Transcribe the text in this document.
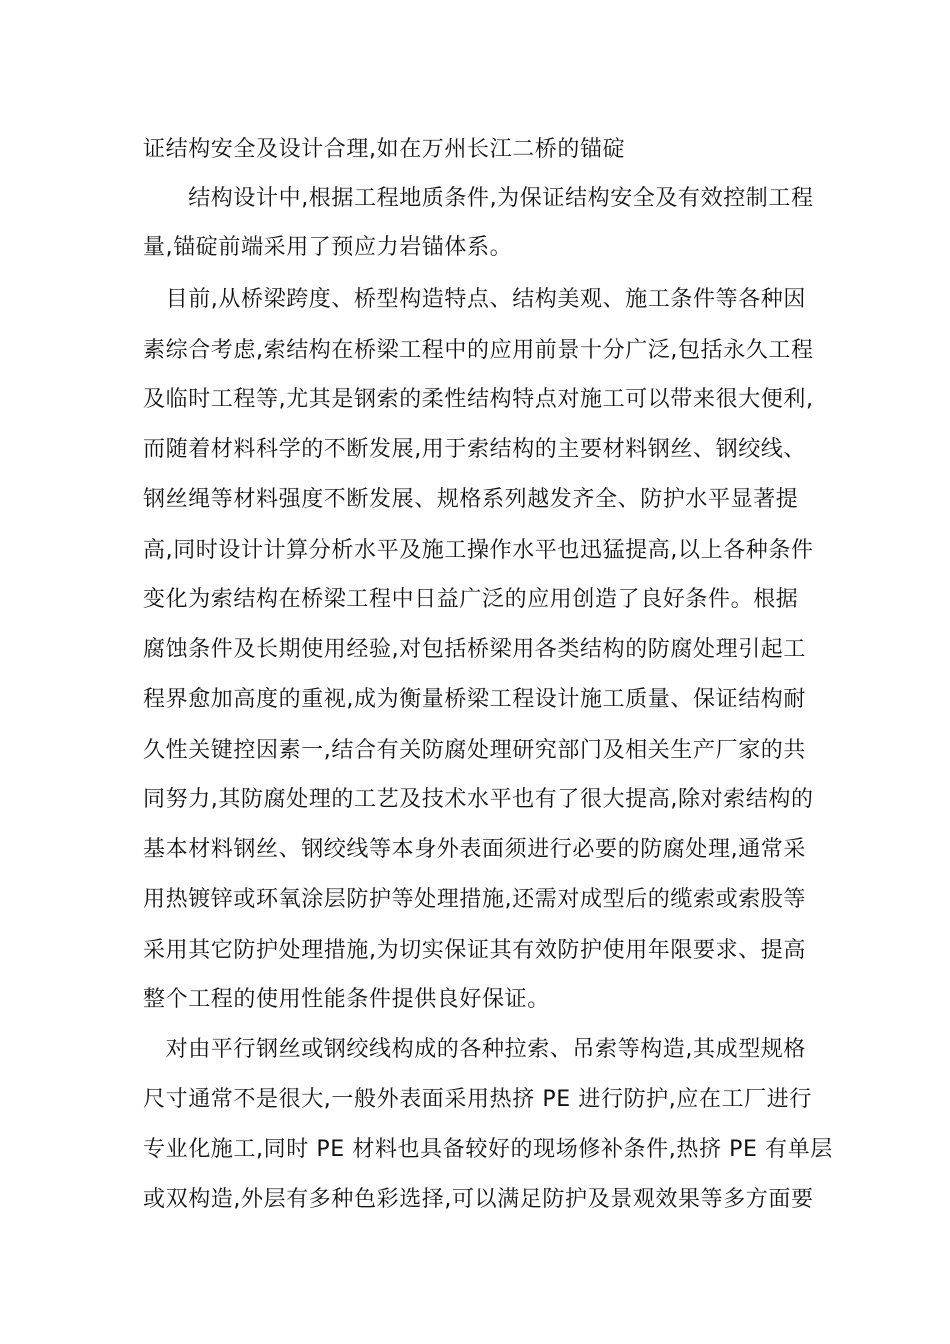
证结构安全及设计合理,如在万州长江二桥的锚碇
　　结构设计中,根据工程地质条件,为保证结构安全及有效控制工程
量,锚碇前端采用了预应力岩锚体系。
　目前,从桥梁跨度、桥型构造特点、结构美观、施工条件等各种因
素综合考虑,索结构在桥梁工程中的应用前景十分广泛,包括永久工程
及临时工程等,尤其是钢索的柔性结构特点对施工可以带来很大便利,
而随着材料科学的不断发展,用于索结构的主要材料钢丝、钢绞线、
钢丝绳等材料强度不断发展、规格系列越发齐全、防护水平显著提
高,同时设计计算分析水平及施工操作水平也迅猛提高,以上各种条件
变化为索结构在桥梁工程中日益广泛的应用创造了良好条件。根据
腐蚀条件及长期使用经验,对包括桥梁用各类结构的防腐处理引起工
程界愈加高度的重视,成为衡量桥梁工程设计施工质量、保证结构耐
久性关键控因素一,结合有关防腐处理研究部门及相关生产厂家的共
同努力,其防腐处理的工艺及技术水平也有了很大提高,除对索结构的
基本材料钢丝、钢绞线等本身外表面须进行必要的防腐处理,通常采
用热镀锌或环氧涂层防护等处理措施,还需对成型后的缆索或索股等
采用其它防护处理措施,为切实保证其有效防护使用年限要求、提高
整个工程的使用性能条件提供良好保证。
　对由平行钢丝或钢绞线构成的各种拉索、吊索等构造,其成型规格
尺寸通常不是很大,一般外表面采用热挤 PE 进行防护,应在工厂进行
专业化施工,同时 PE 材料也具备较好的现场修补条件,热挤 PE 有单层
或双构造,外层有多种色彩选择,可以满足防护及景观效果等多方面要
